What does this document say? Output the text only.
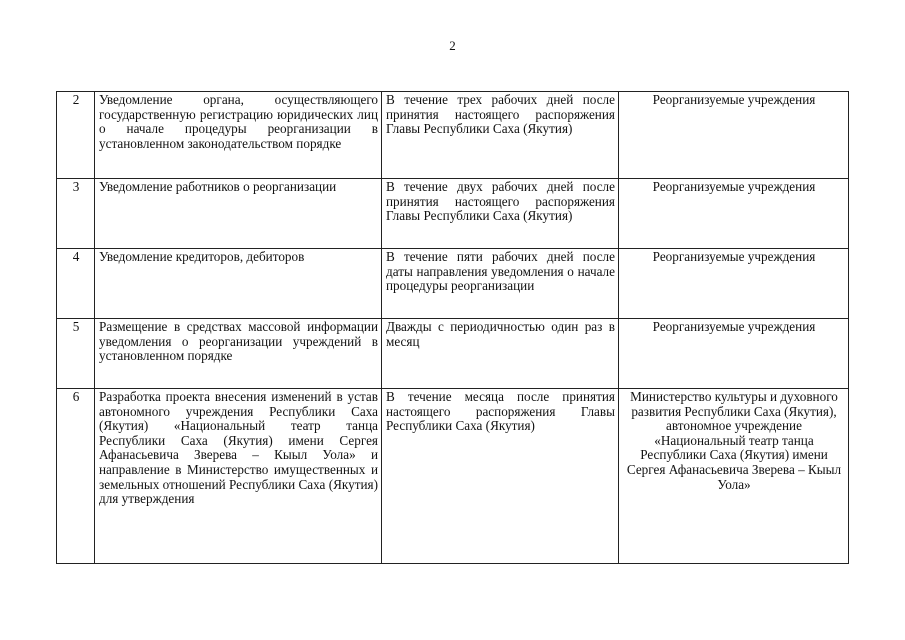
2
2	Уведомление органа, осуществляющего государственную регистрацию юридических лиц о начале процедуры реорганизации в установленном законодательством порядке	В течение трех рабочих дней после принятия настоящего распоряжения Главы Республики Саха (Якутия)	Реорганизуемые учреждения
3	Уведомление работников о реорганизации	В течение двух рабочих дней после принятия настоящего распоряжения Главы Республики Саха (Якутия)	Реорганизуемые учреждения
4	Уведомление кредиторов, дебиторов	В течение пяти рабочих дней после даты направления уведомления о начале процедуры реорганизации	Реорганизуемые учреждения
5	Размещение в средствах массовой информации уведомления о реорганизации учреждений в установленном порядке	Дважды с периодичностью один раз в месяц	Реорганизуемые учреждения
6	Разработка проекта внесения изменений в устав автономного учреждения Республики Саха (Якутия) «Национальный театр танца Республики Саха (Якутия) имени Сергея Афанасьевича Зверева – Кыыл Уола» и направление в Министерство имущественных и земельных отношений Республики Саха (Якутия) для утверждения	В течение месяца после принятия настоящего распоряжения Главы Республики Саха (Якутия)	Министерство культуры и духовного развития Республики Саха (Якутия), автономное учреждение «Национальный театр танца Республики Саха (Якутия) имени Сергея Афанасьевича Зверева – Кыыл Уола»
